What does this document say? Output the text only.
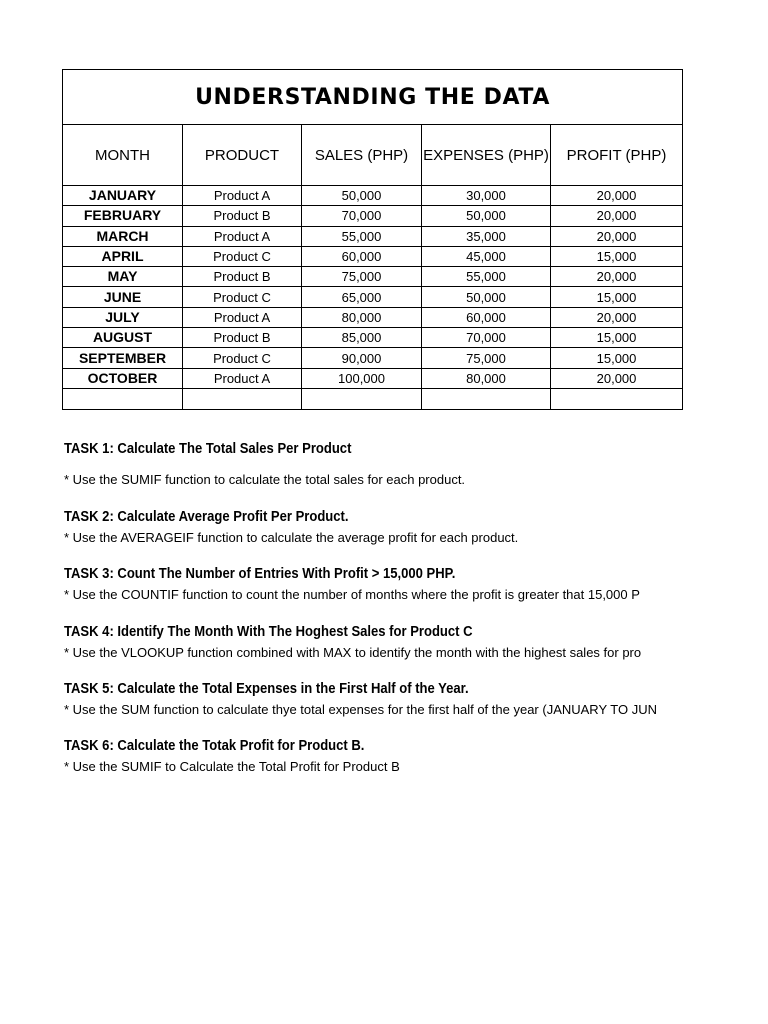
UNDERSTANDING THE DATA				
MONTH	PRODUCT	SALES (PHP)	EXPENSES (PHP)	PROFIT (PHP)
JANUARY	Product A	50,000	30,000	20,000
FEBRUARY	Product B	70,000	50,000	20,000
MARCH	Product A	55,000	35,000	20,000
APRIL	Product C	60,000	45,000	15,000
MAY	Product B	75,000	55,000	20,000
JUNE	Product C	65,000	50,000	15,000
JULY	Product A	80,000	60,000	20,000
AUGUST	Product B	85,000	70,000	15,000
SEPTEMBER	Product C	90,000	75,000	15,000
OCTOBER	Product A	100,000	80,000	20,000

TASK 1: Calculate The Total Sales Per Product
* Use the SUMIF function to calculate the total sales for each product.
TASK 2: Calculate Average Profit Per Product.
* Use the AVERAGEIF function to calculate the average profit for each product.
TASK 3: Count The Number of Entries With Profit > 15,000 PHP.
* Use the COUNTIF function to count the number of months where the profit is greater that 15,000 P
TASK 4: Identify The Month With The Hoghest Sales for Product C
* Use the VLOOKUP function combined with MAX to identify the month with the highest sales for pro
TASK 5: Calculate the Total Expenses in the First Half of the Year.
* Use the SUM function to calculate thye total expenses for the first half of the year (JANUARY TO JUN
TASK 6: Calculate the Totak Profit for Product B.
* Use the SUMIF to Calculate the Total Profit for Product B
